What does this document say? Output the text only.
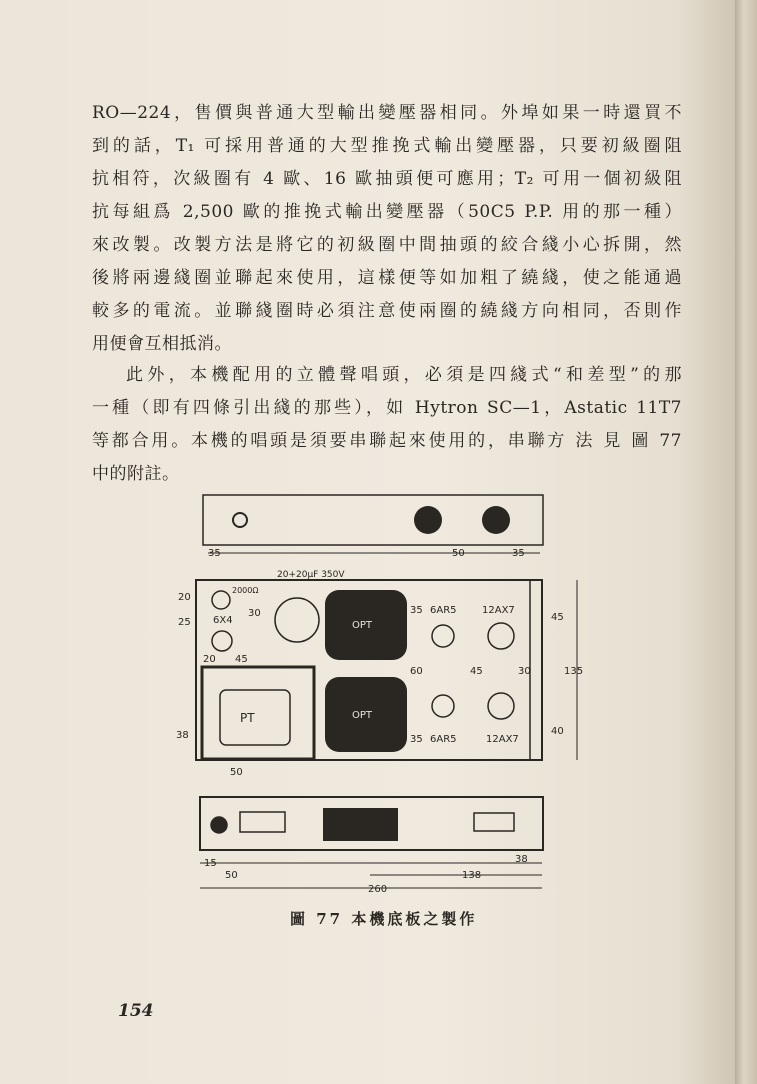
RO—224，售價與普通大型輸出變壓器相同。外埠如果一時還買不
到的話，T₁ 可採用普通的大型推挽式輸出變壓器，只要初級圈阻
抗相符，次級圈有 4 歐、16 歐抽頭便可應用；T₂ 可用一個初級阻
抗每組爲 2,500 歐的推挽式輸出變壓器（50C5 P.P. 用的那一種）
來改製。改製方法是將它的初級圈中間抽頭的絞合綫小心拆開，然
後將兩邊綫圈並聯起來使用，這樣便等如加粗了繞綫，使之能通過
較多的電流。並聯綫圈時必須注意使兩圈的繞綫方向相同，否則作
用便會互相抵消。
此外，本機配用的立體聲唱頭，必須是四綫式“和差型”的那
一種（即有四條引出綫的那些），如 Hytron SC—1，Astatic 11T7
等都合用。本機的唱頭是須要串聯起來使用的，串聯方 法 見 圖 77
中的附註。
35	50	35
20+20μF 350V
2000Ω
6X4	OPT
OPT
PT
6AR5	12AX7
6AR5	12AX7
20
25
30
20 45
35
60	45	30
45
135
35
40
38
50
15
50
38
138
260
圖 77 本機底板之製作
154
